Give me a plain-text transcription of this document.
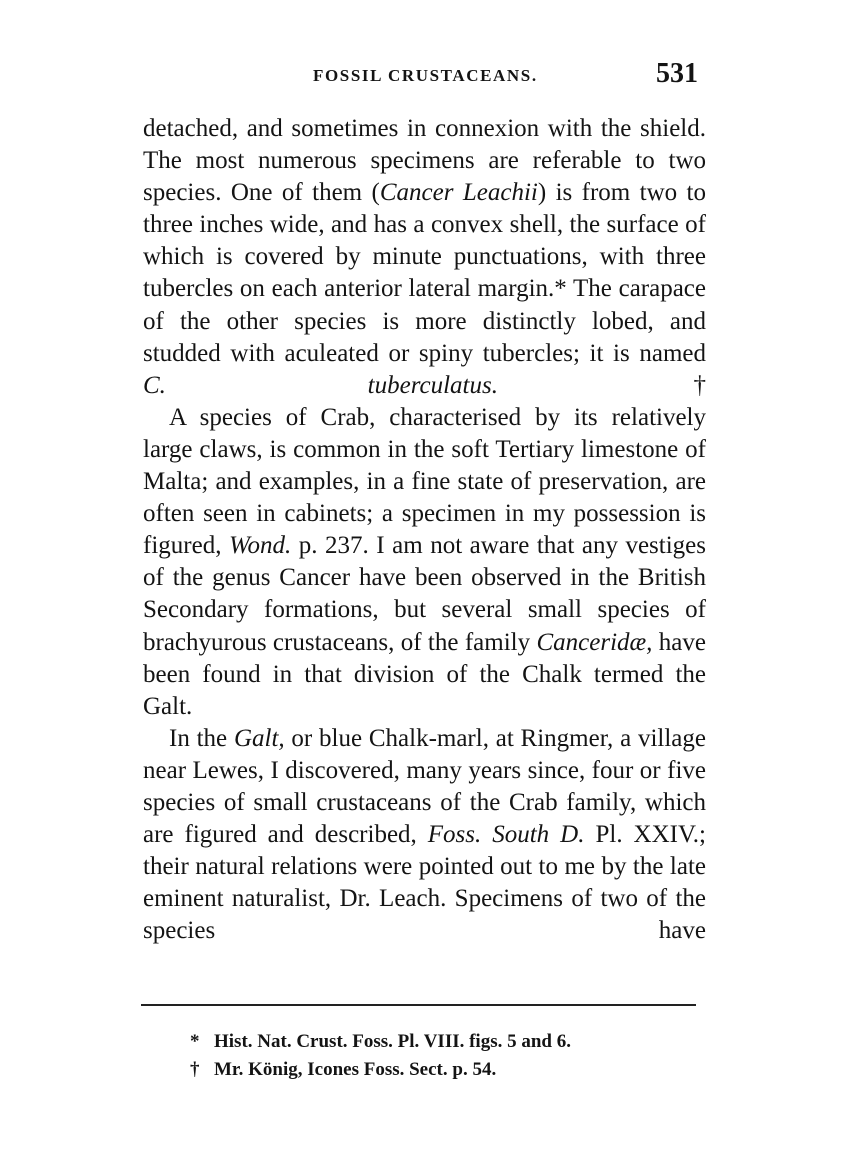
FOSSIL CRUSTACEANS.	531

detached, and sometimes in connexion with the shield. The most numerous specimens are referable to two species. One of them (Cancer Leachii) is from two to three inches wide, and has a convex shell, the surface of which is covered by minute punctuations, with three tubercles on each anterior lateral margin.* The carapace of the other species is more distinctly lobed, and studded with aculeated or spiny tubercles; it is named C. tuberculatus.†

A species of Crab, characterised by its relatively large claws, is common in the soft Tertiary limestone of Malta; and examples, in a fine state of preservation, are often seen in cabinets; a specimen in my possession is figured, Wond. p. 237. I am not aware that any vestiges of the genus Cancer have been observed in the British Secondary formations, but several small species of brachyurous crustaceans, of the family Canceridæ, have been found in that division of the Chalk termed the Galt.

In the Galt, or blue Chalk-marl, at Ringmer, a village near Lewes, I discovered, many years since, four or five species of small crustaceans of the Crab family, which are figured and described, Foss. South D. Pl. XXIV.; their natural relations were pointed out to me by the late eminent naturalist, Dr. Leach. Specimens of two of the species have

* Hist. Nat. Crust. Foss. Pl. VIII. figs. 5 and 6.

† Mr. König, Icones Foss. Sect. p. 54.
